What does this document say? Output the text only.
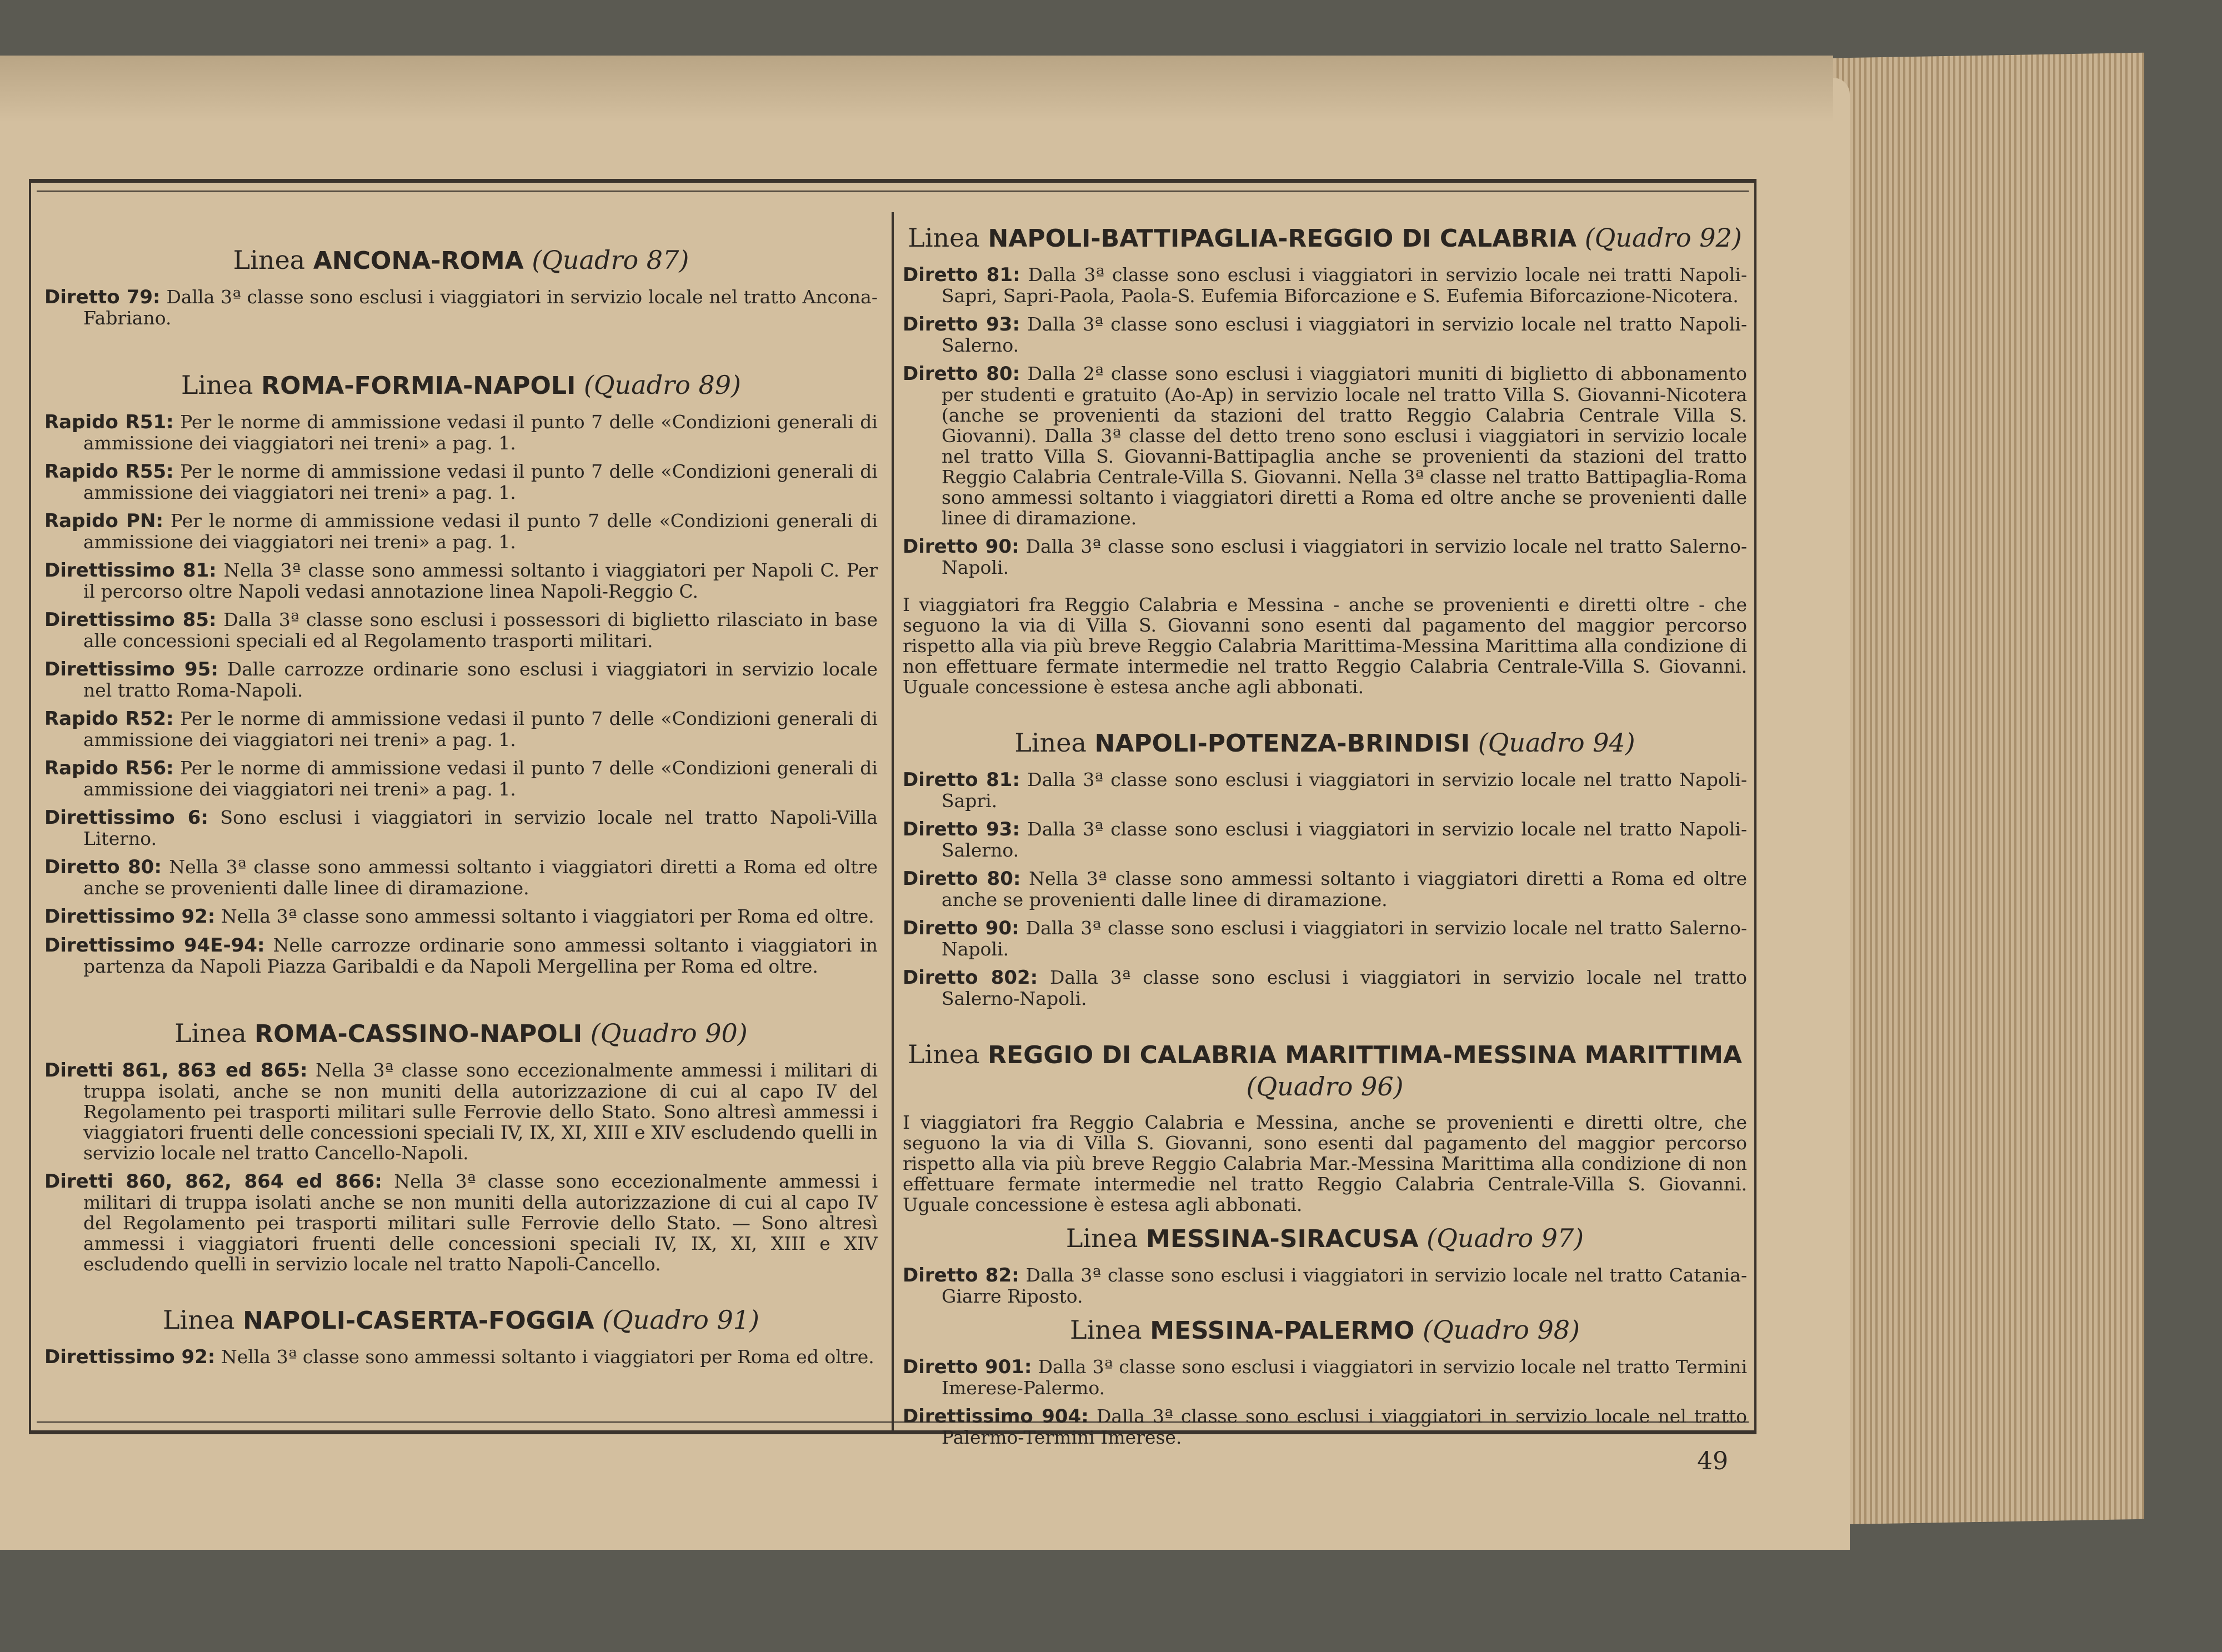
Linea ANCONA-ROMA (Quadro 87)
Diretto 79: Dalla 3ª classe sono esclusi i viaggiatori in servizio locale nel tratto Ancona-Fabriano.
Linea ROMA-FORMIA-NAPOLI (Quadro 89)
Rapido R51: Per le norme di ammissione vedasi il punto 7 delle «Condizioni generali di ammissione dei viaggiatori nei treni» a pag. 1.
Rapido R55: Per le norme di ammissione vedasi il punto 7 delle «Condizioni generali di ammissione dei viaggiatori nei treni» a pag. 1.
Rapido PN: Per le norme di ammissione vedasi il punto 7 delle «Condizioni generali di ammissione dei viaggiatori nei treni» a pag. 1.
Direttissimo 81: Nella 3ª classe sono ammessi soltanto i viaggiatori per Napoli C. Per il percorso oltre Napoli vedasi annotazione linea Napoli-Reggio C.
Direttissimo 85: Dalla 3ª classe sono esclusi i possessori di biglietto rilasciato in base alle concessioni speciali ed al Regolamento trasporti militari.
Direttissimo 95: Dalle carrozze ordinarie sono esclusi i viaggiatori in servizio locale nel tratto Roma-Napoli.
Rapido R52: Per le norme di ammissione vedasi il punto 7 delle «Condizioni generali di ammissione dei viaggiatori nei treni» a pag. 1.
Rapido R56: Per le norme di ammissione vedasi il punto 7 delle «Condizioni generali di ammissione dei viaggiatori nei treni» a pag. 1.
Direttissimo 6: Sono esclusi i viaggiatori in servizio locale nel tratto Napoli-Villa Literno.
Diretto 80: Nella 3ª classe sono ammessi soltanto i viaggiatori diretti a Roma ed oltre anche se provenienti dalle linee di diramazione.
Direttissimo 92: Nella 3ª classe sono ammessi soltanto i viaggiatori per Roma ed oltre.
Direttissimo 94E-94: Nelle carrozze ordinarie sono ammessi soltanto i viaggiatori in partenza da Napoli Piazza Garibaldi e da Napoli Mergellina per Roma ed oltre.
Linea ROMA-CASSINO-NAPOLI (Quadro 90)
Diretti 861, 863 ed 865: Nella 3ª classe sono eccezionalmente ammessi i militari di truppa isolati, anche se non muniti della autorizzazione di cui al capo IV del Regolamento pei trasporti militari sulle Ferrovie dello Stato. Sono altresì ammessi i viaggiatori fruenti delle concessioni speciali IV, IX, XI, XIII e XIV escludendo quelli in servizio locale nel tratto Cancello-Napoli.
Diretti 860, 862, 864 ed 866: Nella 3ª classe sono eccezionalmente ammessi i militari di truppa isolati anche se non muniti della autorizzazione di cui al capo IV del Regolamento pei trasporti militari sulle Ferrovie dello Stato. — Sono altresì ammessi i viaggiatori fruenti delle concessioni speciali IV, IX, XI, XIII e XIV escludendo quelli in servizio locale nel tratto Napoli-Cancello.
Linea NAPOLI-CASERTA-FOGGIA (Quadro 91)
Direttissimo 92: Nella 3ª classe sono ammessi soltanto i viaggiatori per Roma ed oltre.
Linea NAPOLI-BATTIPAGLIA-REGGIO DI CALABRIA (Quadro 92)
Diretto 81: Dalla 3ª classe sono esclusi i viaggiatori in servizio locale nei tratti Napoli-Sapri, Sapri-Paola, Paola-S. Eufemia Biforcazione e S. Eufemia Biforcazione-Nicotera.
Diretto 93: Dalla 3ª classe sono esclusi i viaggiatori in servizio locale nel tratto Napoli-Salerno.
Diretto 80: Dalla 2ª classe sono esclusi i viaggiatori muniti di biglietto di abbonamento per studenti e gratuito (Ao-Ap) in servizio locale nel tratto Villa S. Giovanni-Nicotera (anche se provenienti da stazioni del tratto Reggio Calabria Centrale Villa S. Giovanni). Dalla 3ª classe del detto treno sono esclusi i viaggiatori in servizio locale nel tratto Villa S. Giovanni-Battipaglia anche se provenienti da stazioni del tratto Reggio Calabria Centrale-Villa S. Giovanni. Nella 3ª classe nel tratto Battipaglia-Roma sono ammessi soltanto i viaggiatori diretti a Roma ed oltre anche se provenienti dalle linee di diramazione.
Diretto 90: Dalla 3ª classe sono esclusi i viaggiatori in servizio locale nel tratto Salerno-Napoli.
I viaggiatori fra Reggio Calabria e Messina - anche se provenienti e diretti oltre - che seguono la via di Villa S. Giovanni sono esenti dal pagamento del maggior percorso rispetto alla via più breve Reggio Calabria Marittima-Messina Marittima alla condizione di non effettuare fermate intermedie nel tratto Reggio Calabria Centrale-Villa S. Giovanni. Uguale concessione è estesa anche agli abbonati.
Linea NAPOLI-POTENZA-BRINDISI (Quadro 94)
Diretto 81: Dalla 3ª classe sono esclusi i viaggiatori in servizio locale nel tratto Napoli-Sapri.
Diretto 93: Dalla 3ª classe sono esclusi i viaggiatori in servizio locale nel tratto Napoli-Salerno.
Diretto 80: Nella 3ª classe sono ammessi soltanto i viaggiatori diretti a Roma ed oltre anche se provenienti dalle linee di diramazione.
Diretto 90: Dalla 3ª classe sono esclusi i viaggiatori in servizio locale nel tratto Salerno-Napoli.
Diretto 802: Dalla 3ª classe sono esclusi i viaggiatori in servizio locale nel tratto Salerno-Napoli.
Linea REGGIO DI CALABRIA MARITTIMA-MESSINA MARITTIMA
(Quadro 96)
I viaggiatori fra Reggio Calabria e Messina, anche se provenienti e diretti oltre, che seguono la via di Villa S. Giovanni, sono esenti dal pagamento del maggior percorso rispetto alla via più breve Reggio Calabria Mar.-Messina Marittima alla condizione di non effettuare fermate intermedie nel tratto Reggio Calabria Centrale-Villa S. Giovanni. Uguale concessione è estesa agli abbonati.
Linea MESSINA-SIRACUSA (Quadro 97)
Diretto 82: Dalla 3ª classe sono esclusi i viaggiatori in servizio locale nel tratto Catania-Giarre Riposto.
Linea MESSINA-PALERMO (Quadro 98)
Diretto 901: Dalla 3ª classe sono esclusi i viaggiatori in servizio locale nel tratto Termini Imerese-Palermo.
Direttissimo 904: Dalla 3ª classe sono esclusi i viaggiatori in servizio locale nel tratto Palermo-Termini Imerese.
49
